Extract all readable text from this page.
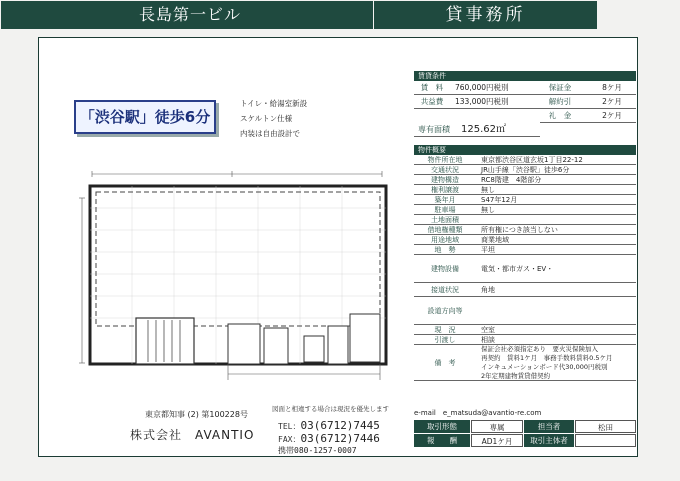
長島第一ビル	貸事務所
「渋谷駅」徒歩6分
トイレ・給湯室新設
スケルトン仕様
内装は自由設計で
図面と相違する場合は現況を優先します
賃貸条件
賃　料	760,000円税別	保証金	8ケ月
共益費	133,000円税別	解約引	2ケ月
礼　金	2ケ月
専有面積	125.62㎡
物件概要
物件所在地	東京都渋谷区道玄坂1丁目22-12
交通状況	JR山手線「渋谷駅」徒歩6分
建物構造	RC8階建　4階部分
権利譲渡	無し
築年月	S47年12月
駐車場	無し
土地面積
借地権種類	所有権につき該当しない
用途地域	商業地域
地　勢	平坦
建物設備	電気・都市ガス・EV・
接道状況	角地
設道方向等
現　況	空室
引渡し	相談
備　考
保証会社必須指定あり　要火災保険加入
再契約　賃料1ケ月　事務手数料賃料0.5ケ月
インキュメーションボード代30,000円税別
2年定期建物賃貸借契約
東京都知事 (2) 第100228号
株式会社　AVANTIO
TEL：03(6712)7445
FAX：03(6712)7446
携帯080-1257-0007
e-mail　e_matsuda@avantio-re.com
取引形態	専属	担当者	松田
報　　酬	AD1ケ月	取引主体者
